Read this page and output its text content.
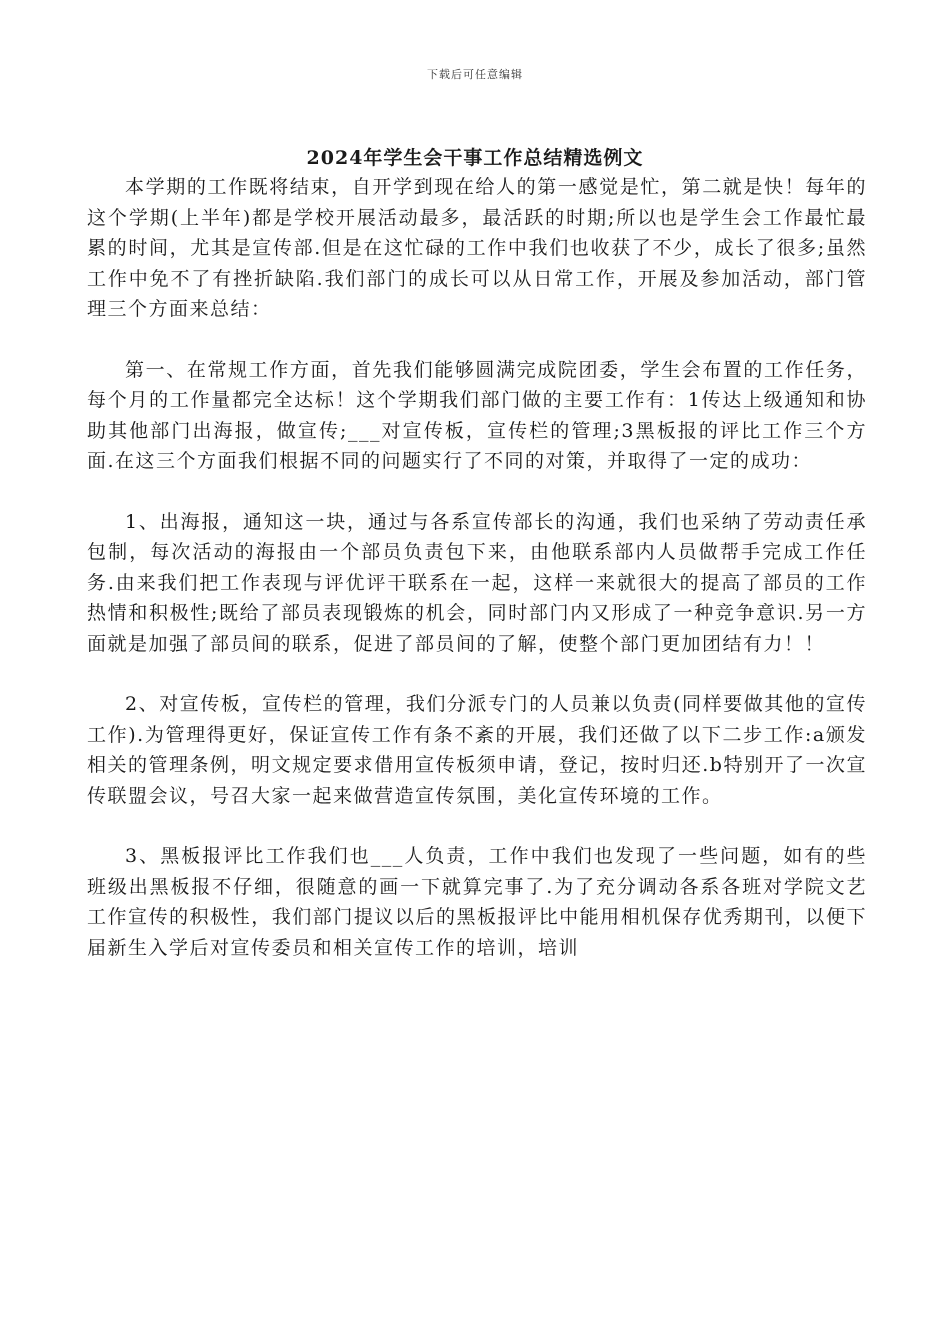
下载后可任意编辑
2024年学生会干事工作总结精选例文

本学期的工作既将结束，自开学到现在给人的第一感觉是忙，第二就是快！每年的这个学期(上半年)都是学校开展活动最多，最活跃的时期;所以也是学生会工作最忙最累的时间，尤其是宣传部.但是在这忙碌的工作中我们也收获了不少，成长了很多;虽然工作中免不了有挫折缺陷.我们部门的成长可以从日常工作，开展及参加活动，部门管理三个方面来总结：

第一、在常规工作方面，首先我们能够圆满完成院团委，学生会布置的工作任务，每个月的工作量都完全达标！这个学期我们部门做的主要工作有：1传达上级通知和协助其他部门出海报，做宣传;___对宣传板，宣传栏的管理;3黑板报的评比工作三个方面.在这三个方面我们根据不同的问题实行了不同的对策，并取得了一定的成功：

1、出海报，通知这一块，通过与各系宣传部长的沟通，我们也采纳了劳动责任承包制，每次活动的海报由一个部员负责包下来，由他联系部内人员做帮手完成工作任务.由来我们把工作表现与评优评干联系在一起，这样一来就很大的提高了部员的工作热情和积极性;既给了部员表现锻炼的机会，同时部门内又形成了一种竞争意识.另一方面就是加强了部员间的联系，促进了部员间的了解，使整个部门更加团结有力！！

2、对宣传板，宣传栏的管理，我们分派专门的人员兼以负责(同样要做其他的宣传工作).为管理得更好，保证宣传工作有条不紊的开展，我们还做了以下二步工作:a颁发相关的管理条例，明文规定要求借用宣传板须申请，登记，按时归还.b特别开了一次宣传联盟会议，号召大家一起来做营造宣传氛围，美化宣传环境的工作。

3、黑板报评比工作我们也___人负责，工作中我们也发现了一些问题，如有的些班级出黑板报不仔细，很随意的画一下就算完事了.为了充分调动各系各班对学院文艺工作宣传的积极性，我们部门提议以后的黑板报评比中能用相机保存优秀期刊，以便下届新生入学后对宣传委员和相关宣传工作的培训，培训
